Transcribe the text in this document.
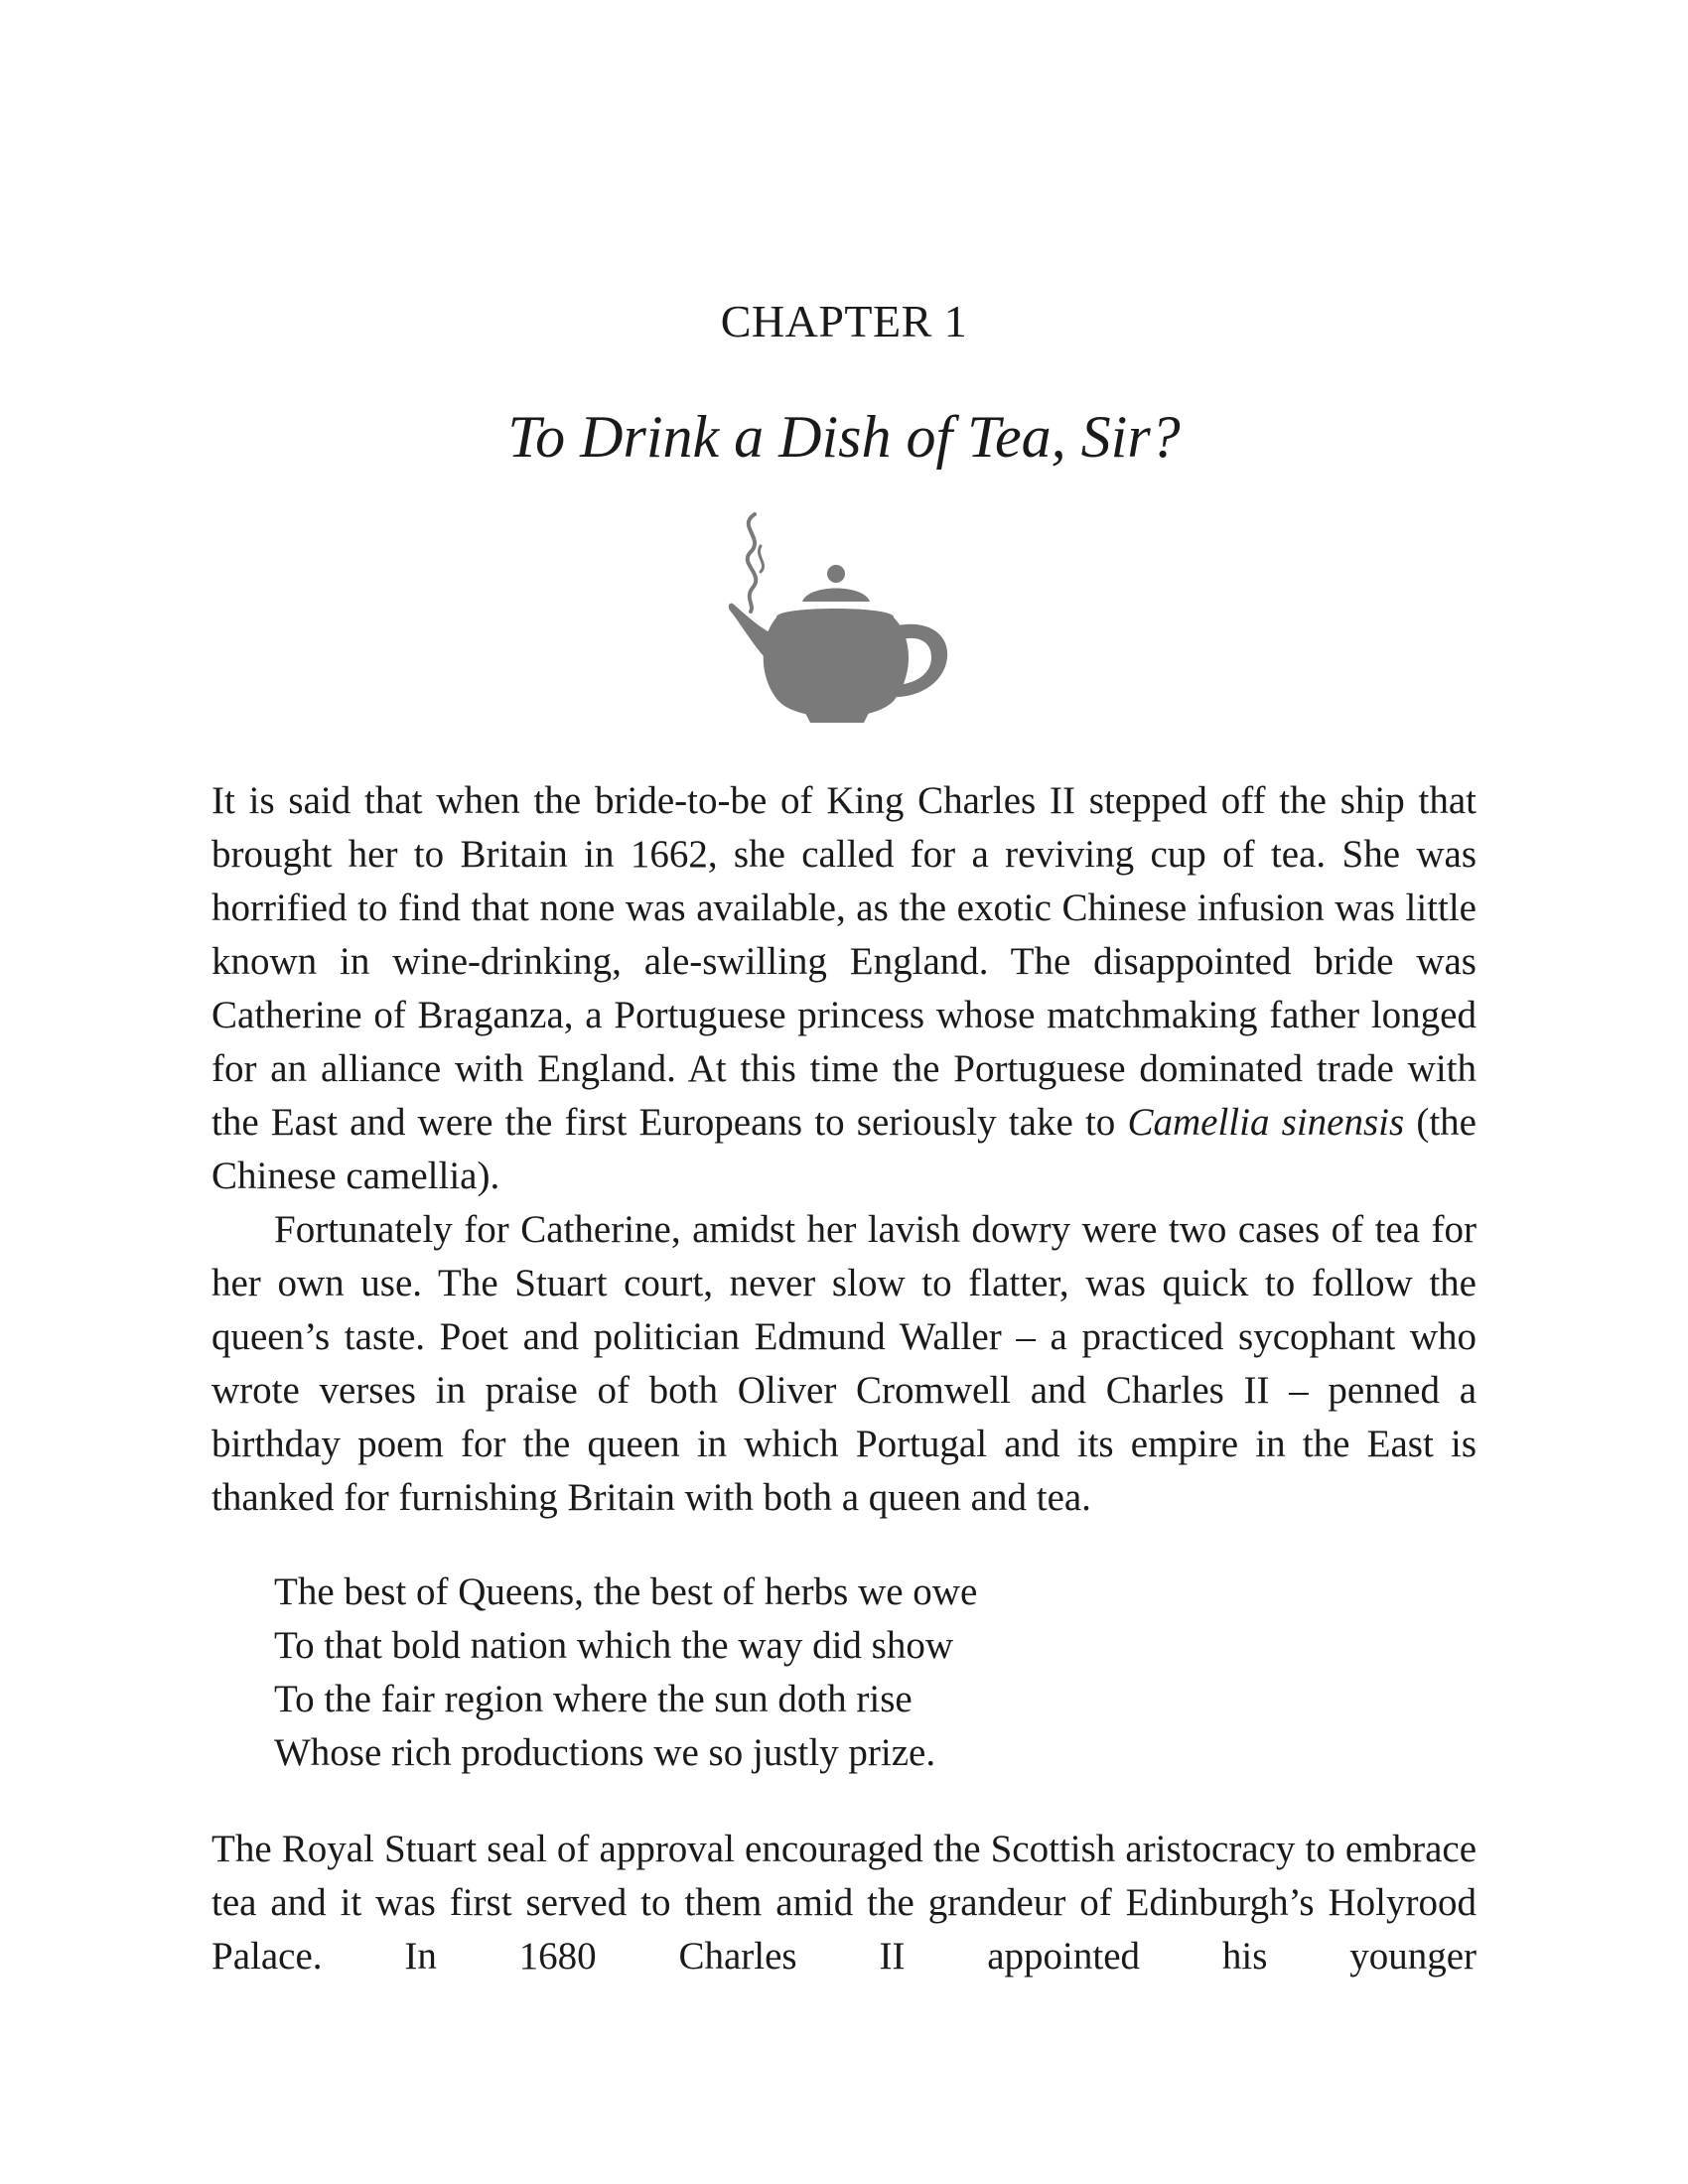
CHAPTER 1
To Drink a Dish of Tea, Sir?

It is said that when the bride-to-be of King Charles II stepped off the ship that brought her to Britain in 1662, she called for a reviving cup of tea. She was horrified to find that none was available, as the exotic Chinese infusion was little known in wine-drinking, ale-swilling England. The disappointed bride was Catherine of Braganza, a Portuguese princess whose matchmaking father longed for an alliance with England. At this time the Portuguese dominated trade with the East and were the first Europeans to seriously take to Camellia sinensis (the Chinese camellia).

Fortunately for Catherine, amidst her lavish dowry were two cases of tea for her own use. The Stuart court, never slow to flatter, was quick to follow the queen’s taste. Poet and politician Edmund Waller – a practiced sycophant who wrote verses in praise of both Oliver Cromwell and Charles II – penned a birthday poem for the queen in which Portugal and its empire in the East is thanked for furnishing Britain with both a queen and tea.

The best of Queens, the best of herbs we owe
To that bold nation which the way did show
To the fair region where the sun doth rise
Whose rich productions we so justly prize.

The Royal Stuart seal of approval encouraged the Scottish aristocracy to embrace tea and it was first served to them amid the grandeur of Edinburgh’s Holyrood Palace. In 1680 Charles II appointed his younger
